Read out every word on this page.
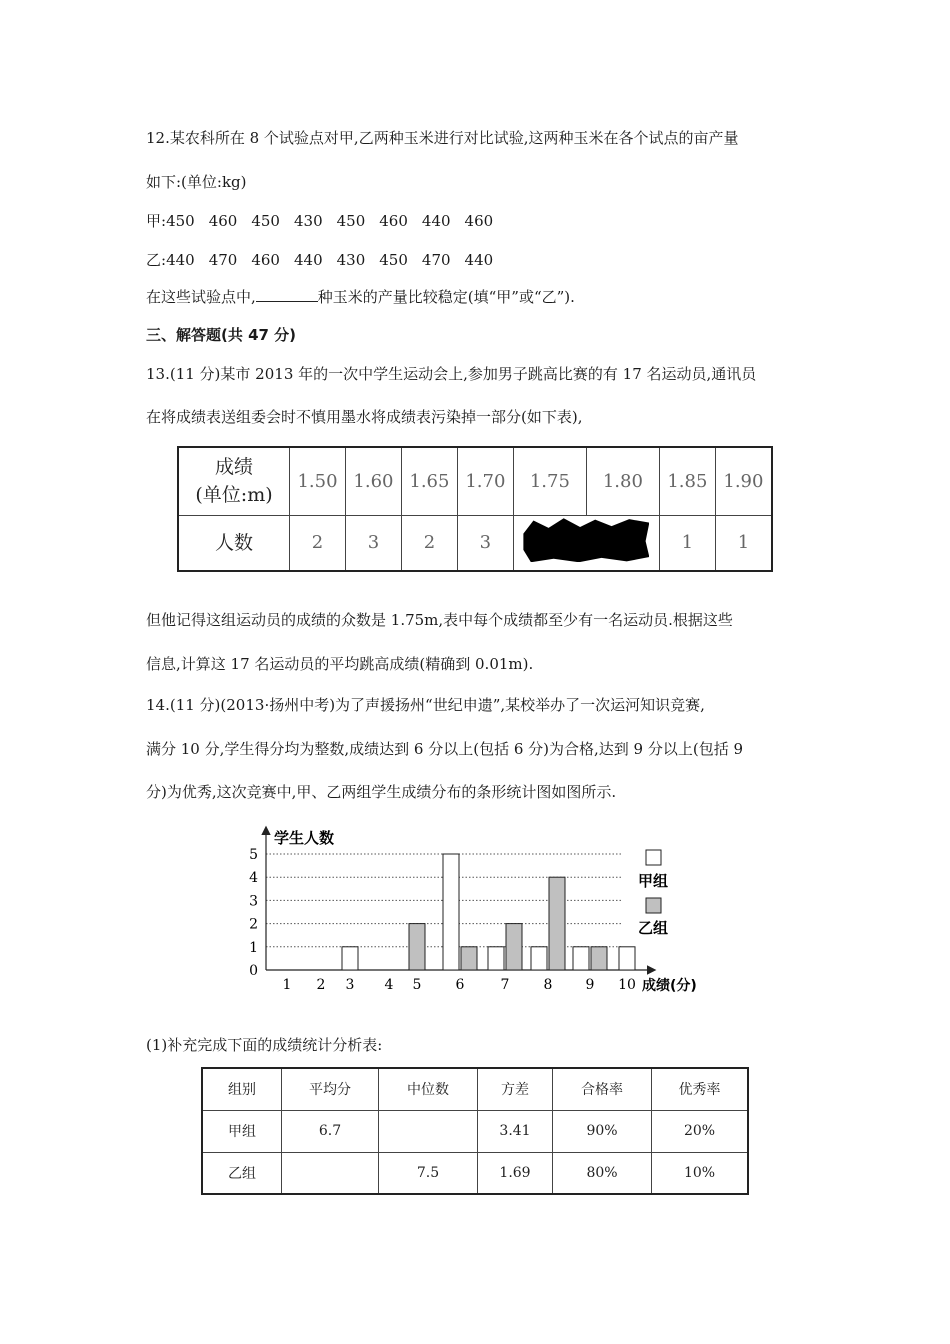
12.某农科所在 8 个试验点对甲,乙两种玉米进行对比试验,这两种玉米在各个试点的亩产量
如下:(单位:kg)
甲:450 460 450 430 450 460 440 460
乙:440 470 460 440 430 450 470 440
在这些试验点中,	种玉米的产量比较稳定(填“甲”或“乙”).
三、解答题(共 47 分)
13.(11 分)某市 2013 年的一次中学生运动会上,参加男子跳高比赛的有 17 名运动员,通讯员
在将成绩表送组委会时不慎用墨水将成绩表污染掉一部分(如下表),
成绩
(单位:m)	1.50	1.60	1.65	1.70	1.75	1.80	1.85	1.90
人数	2	3	2	3			1	1
但他记得这组运动员的成绩的众数是 1.75m,表中每个成绩都至少有一名运动员.根据这些
信息,计算这 17 名运动员的平均跳高成绩(精确到 0.01m).
14.(11 分)(2013·扬州中考)为了声援扬州“世纪申遗”,某校举办了一次运河知识竞赛,
满分 10 分,学生得分均为整数,成绩达到 6 分以上(包括 6 分)为合格,达到 9 分以上(包括 9
分)为优秀,这次竞赛中,甲、乙两组学生成绩分布的条形统计图如图所示.
0
1
2
3
4
5
1 2 3 4 5 6	7 8 9 10
学生人数
成绩(分)
甲组
乙组
(1)补充完成下面的成绩统计分析表:
组别	平均分	中位数	方差	合格率	优秀率
甲组	6.7		3.41	90%	20%
乙组		7.5	1.69	80%	10%
